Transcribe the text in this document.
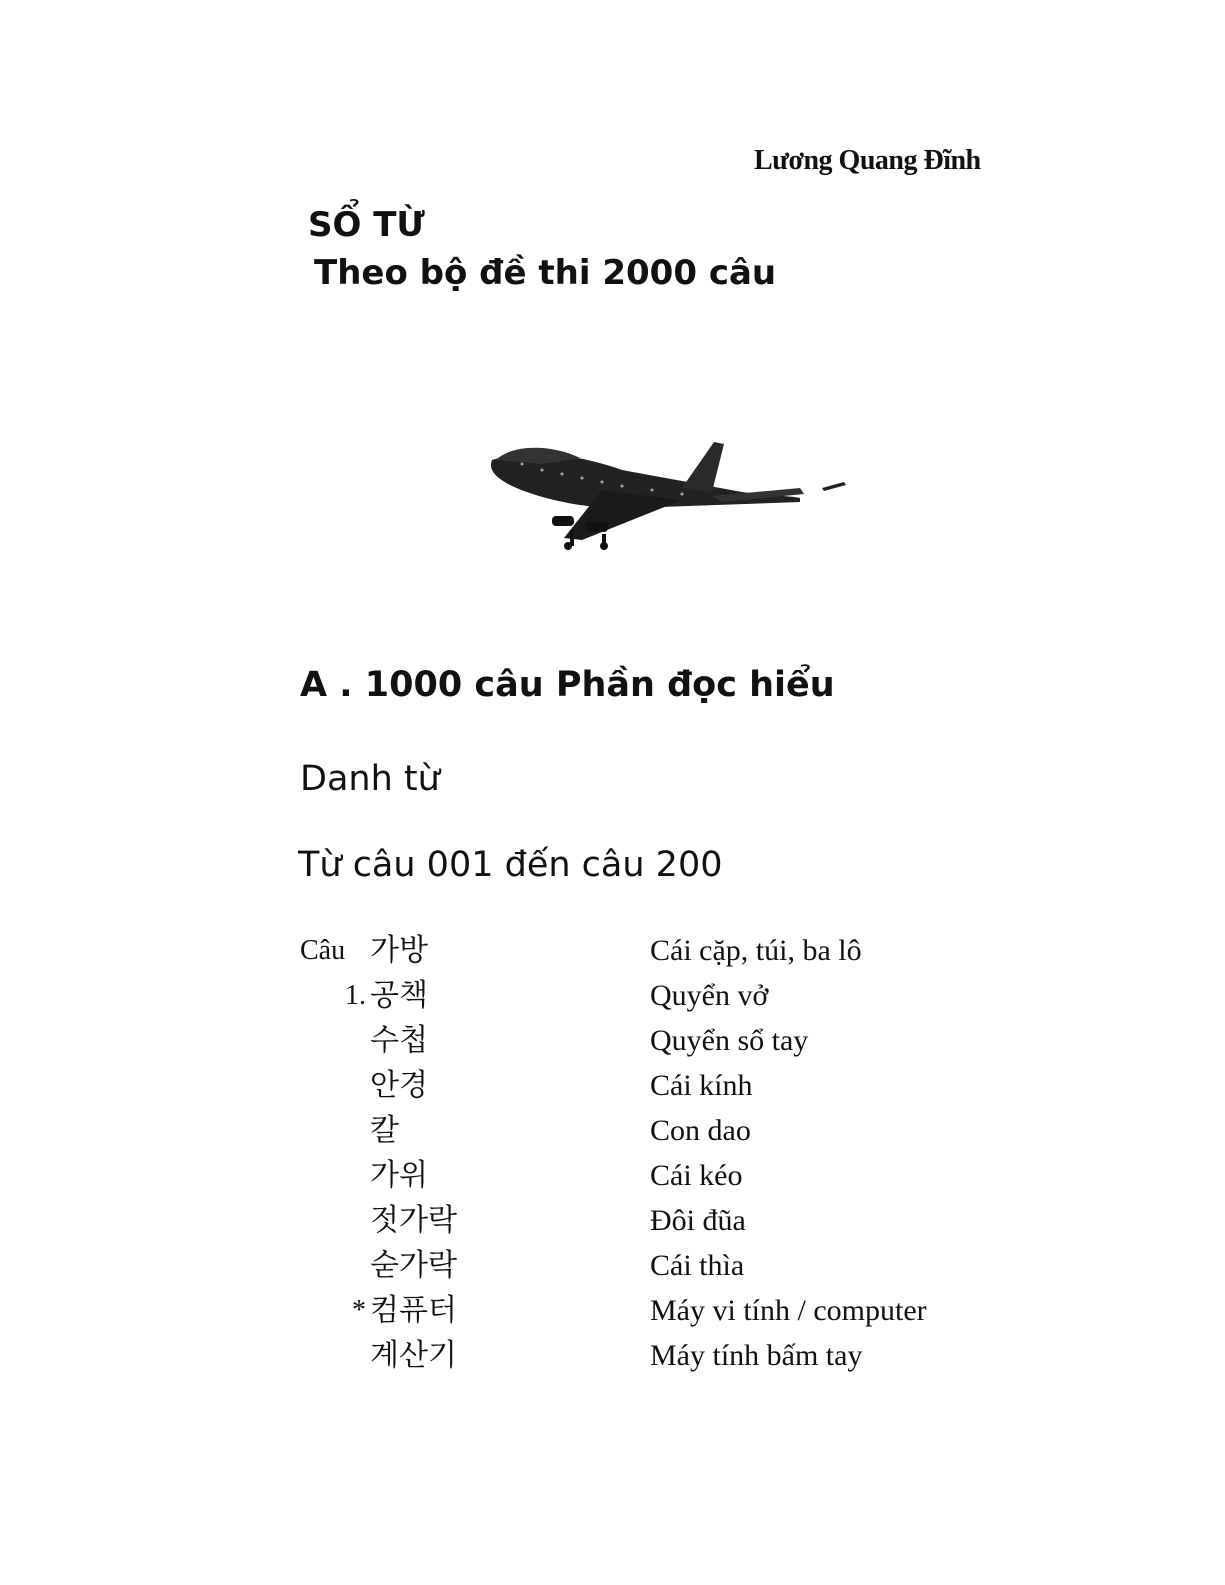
Lương Quang Đĩnh
SỔ TỪ
Theo bộ đề thi 2000 câu
A . 1000 câu Phần đọc hiểu
Danh từ
Từ câu 001 đến câu 200
Câu 가방	Cái cặp, túi, ba lô
1. 공책	Quyển vở
수첩	Quyển sổ tay
안경	Cái kính
칼	Con dao
가위	Cái kéo
젓가락	Đôi đũa
숟가락	Cái thìa
* 컴퓨터	Máy vi tính / computer
계산기	Máy tính bấm tay
